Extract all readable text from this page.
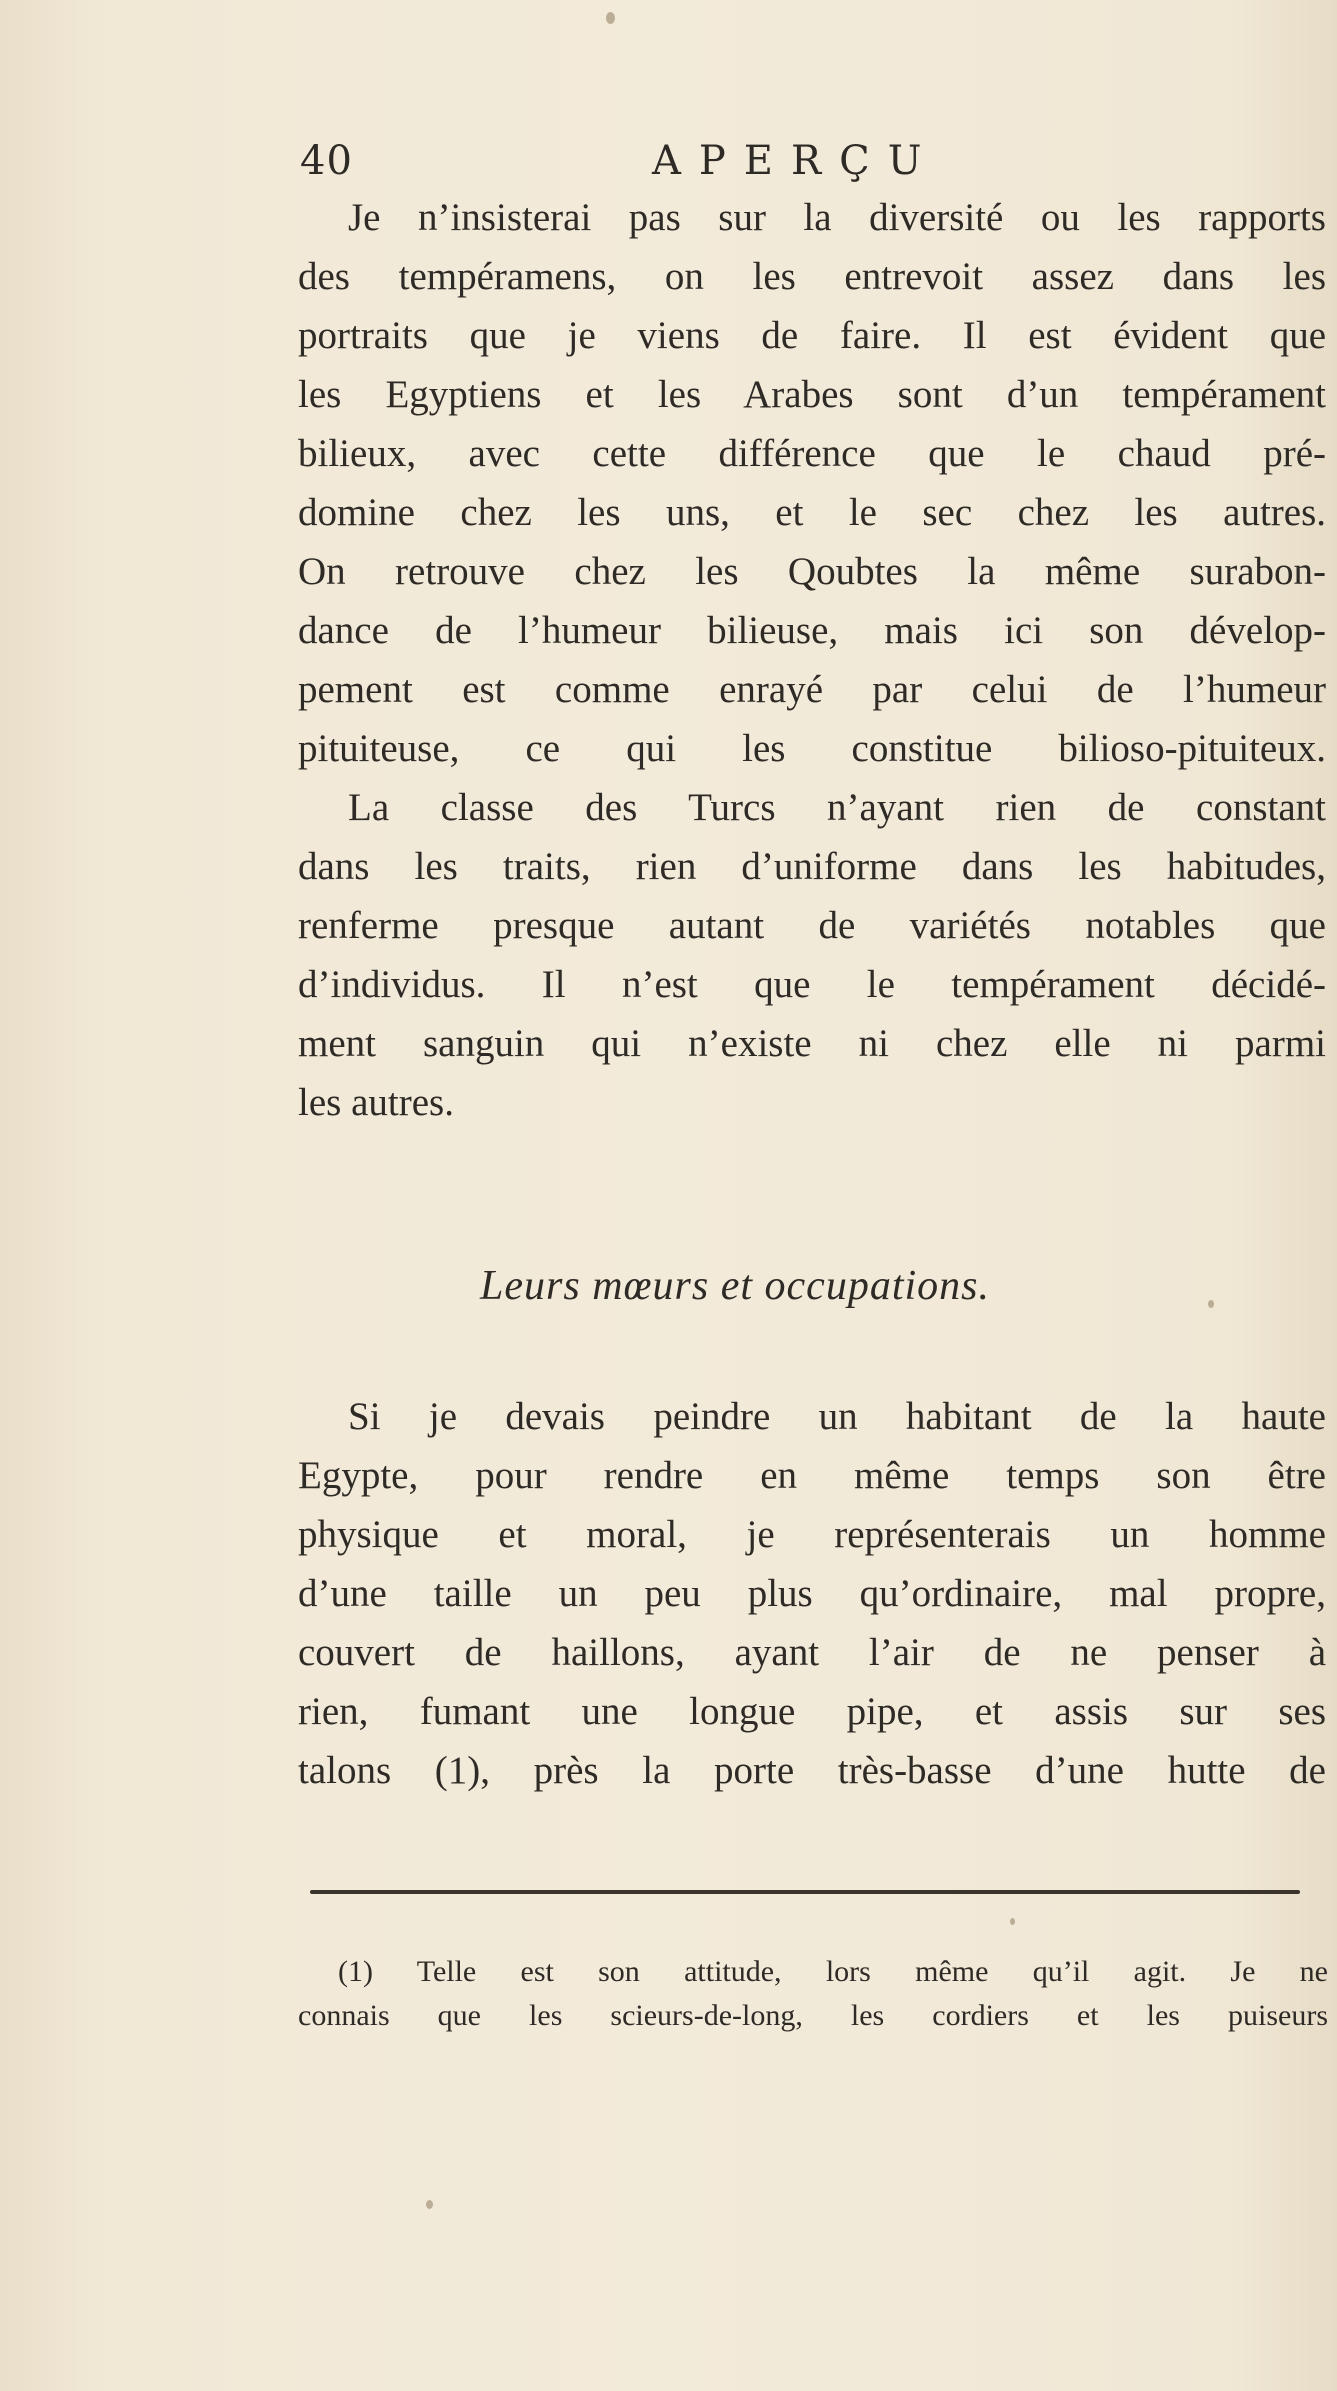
40	APERÇU
Je n’insisterai pas sur la diversité ou les rapports
des tempéramens, on les entrevoit assez dans les
portraits que je viens de faire. Il est évident que
les Egyptiens et les Arabes sont d’un tempérament
bilieux, avec cette différence que le chaud pré-
domine chez les uns, et le sec chez les autres.
On retrouve chez les Qoubtes la même surabon-
dance de l’humeur bilieuse, mais ici son dévelop-
pement est comme enrayé par celui de l’humeur
pituiteuse, ce qui les constitue bilioso-pituiteux.
La classe des Turcs n’ayant rien de constant
dans les traits, rien d’uniforme dans les habitudes,
renferme presque autant de variétés notables que
d’individus. Il n’est que le tempérament décidé-
ment sanguin qui n’existe ni chez elle ni parmi
les autres.
Leurs mœurs et occupations.
Si je devais peindre un habitant de la haute
Egypte, pour rendre en même temps son être
physique et moral, je représenterais un homme
d’une taille un peu plus qu’ordinaire, mal propre,
couvert de haillons, ayant l’air de ne penser à
rien, fumant une longue pipe, et assis sur ses
talons (1), près la porte très-basse d’une hutte de
(1) Telle est son attitude, lors même qu’il agit. Je ne
connais que les scieurs-de-long, les cordiers et les puiseurs
